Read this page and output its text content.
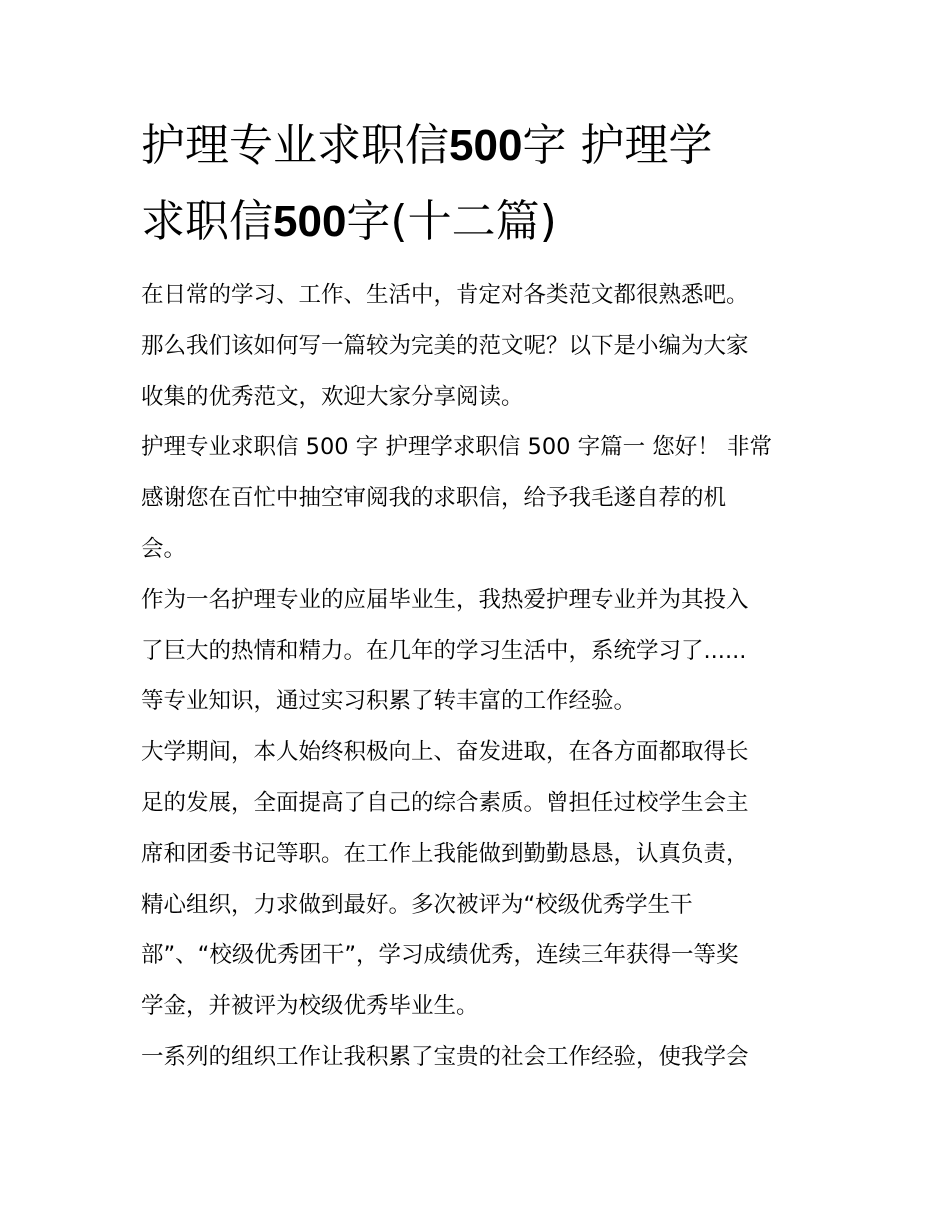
护理专业求职信500字 护理学
求职信500字(十二篇)

在日常的学习、工作、生活中，肯定对各类范文都很熟悉吧。
那么我们该如何写一篇较为完美的范文呢？以下是小编为大家
收集的优秀范文，欢迎大家分享阅读。

护理专业求职信 500 字 护理学求职信 500 字篇一 您好！ 非常
感谢您在百忙中抽空审阅我的求职信，给予我毛遂自荐的机
会。

作为一名护理专业的应届毕业生，我热爱护理专业并为其投入
了巨大的热情和精力。在几年的学习生活中，系统学习了......
等专业知识，通过实习积累了转丰富的工作经验。

大学期间，本人始终积极向上、奋发进取，在各方面都取得长
足的发展，全面提高了自己的综合素质。曾担任过校学生会主
席和团委书记等职。在工作上我能做到勤勤恳恳，认真负责，
精心组织，力求做到最好。多次被评为“校级优秀学生干
部”、“校级优秀团干”，学习成绩优秀，连续三年获得一等奖
学金，并被评为校级优秀毕业生。

一系列的组织工作让我积累了宝贵的社会工作经验，使我学会
